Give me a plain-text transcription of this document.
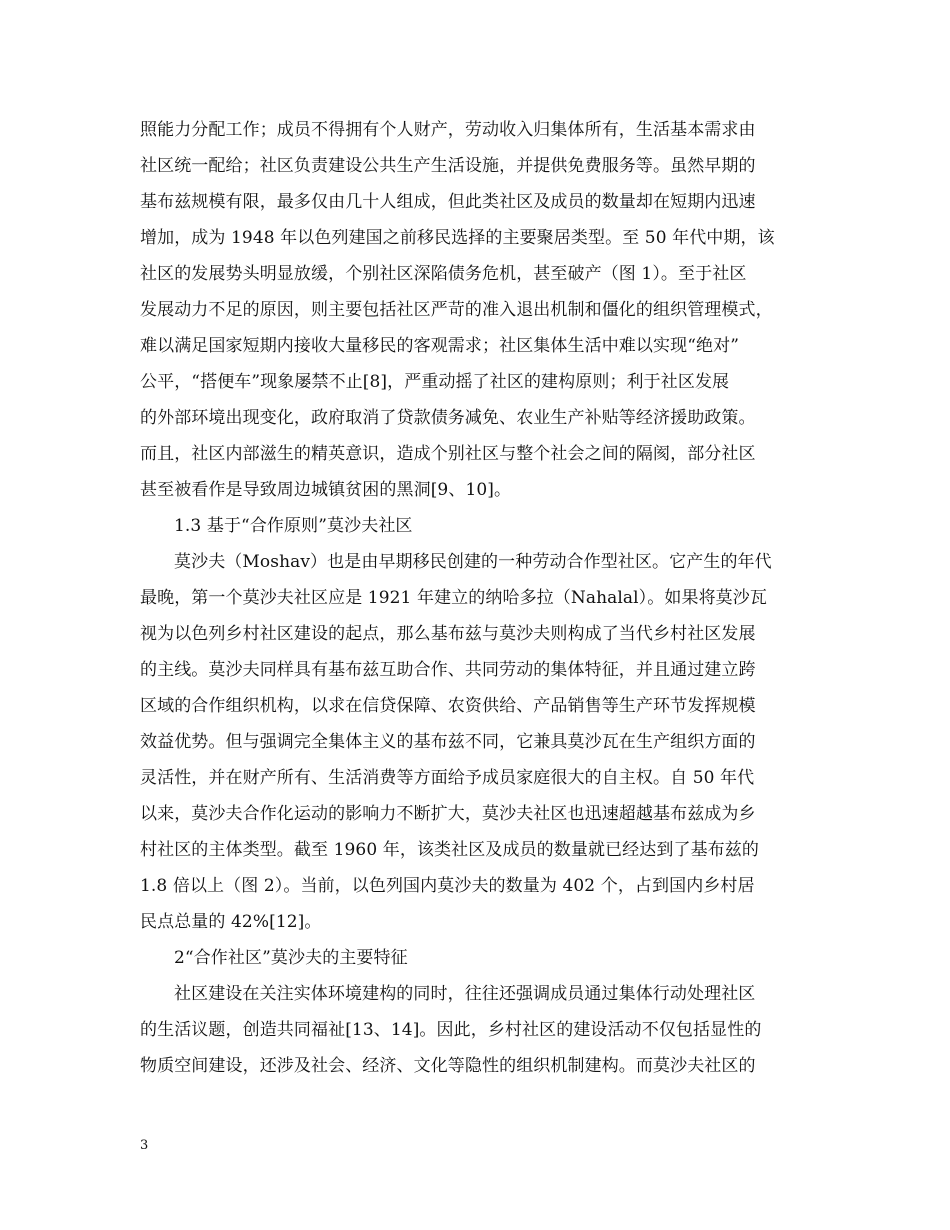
照能力分配工作；成员不得拥有个人财产，劳动收入归集体所有，生活基本需求由
社区统一配给；社区负责建设公共生产生活设施，并提供免费服务等。虽然早期的
基布兹规模有限，最多仅由几十人组成，但此类社区及成员的数量却在短期内迅速
增加，成为 1948 年以色列建国之前移民选择的主要聚居类型。至 50 年代中期，该
社区的发展势头明显放缓，个别社区深陷债务危机，甚至破产（图 1）。至于社区
发展动力不足的原因，则主要包括社区严苛的准入退出机制和僵化的组织管理模式，
难以满足国家短期内接收大量移民的客观需求；社区集体生活中难以实现“绝对”
公平，“搭便车”现象屡禁不止[8]，严重动摇了社区的建构原则；利于社区发展
的外部环境出现变化，政府取消了贷款债务减免、农业生产补贴等经济援助政策。
而且，社区内部滋生的精英意识，造成个别社区与整个社会之间的隔阂，部分社区
甚至被看作是导致周边城镇贫困的黑洞[9、10]。
1.3 基于“合作原则”莫沙夫社区
莫沙夫（Moshav）也是由早期移民创建的一种劳动合作型社区。它产生的年代
最晚，第一个莫沙夫社区应是 1921 年建立的纳哈多拉（Nahalal）。如果将莫沙瓦
视为以色列乡村社区建设的起点，那么基布兹与莫沙夫则构成了当代乡村社区发展
的主线。莫沙夫同样具有基布兹互助合作、共同劳动的集体特征，并且通过建立跨
区域的合作组织机构，以求在信贷保障、农资供给、产品销售等生产环节发挥规模
效益优势。但与强调完全集体主义的基布兹不同，它兼具莫沙瓦在生产组织方面的
灵活性，并在财产所有、生活消费等方面给予成员家庭很大的自主权。自 50 年代
以来，莫沙夫合作化运动的影响力不断扩大，莫沙夫社区也迅速超越基布兹成为乡
村社区的主体类型。截至 1960 年，该类社区及成员的数量就已经达到了基布兹的
1.8 倍以上（图 2）。当前，以色列国内莫沙夫的数量为 402 个，占到国内乡村居
民点总量的 42%[12]。
2“合作社区”莫沙夫的主要特征
社区建设在关注实体环境建构的同时，往往还强调成员通过集体行动处理社区
的生活议题，创造共同福祉[13、14]。因此，乡村社区的建设活动不仅包括显性的
物质空间建设，还涉及社会、经济、文化等隐性的组织机制建构。而莫沙夫社区的
3
